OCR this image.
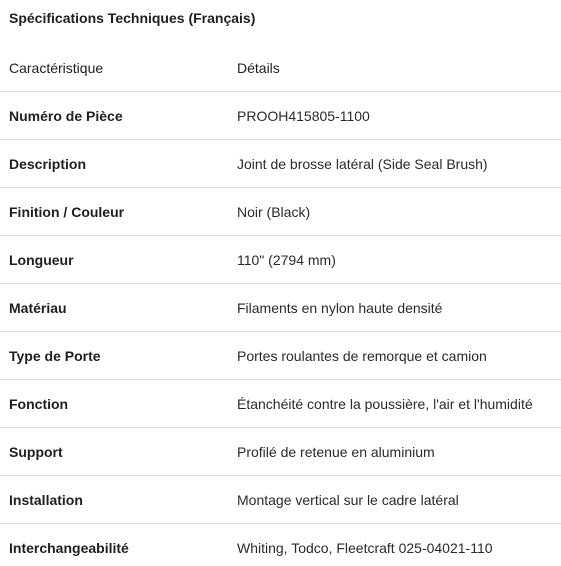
Spécifications Techniques (Français)
Caractéristique	Détails
Numéro de Pièce	PROOH415805-1100
Description	Joint de brosse latéral (Side Seal Brush)
Finition / Couleur	Noir (Black)
Longueur	110" (2794 mm)
Matériau	Filaments en nylon haute densité
Type de Porte	Portes roulantes de remorque et camion
Fonction	Étanchéité contre la poussière, l'air et l'humidité
Support	Profilé de retenue en aluminium
Installation	Montage vertical sur le cadre latéral
Interchangeabilité	Whiting, Todco, Fleetcraft 025-04021-110
